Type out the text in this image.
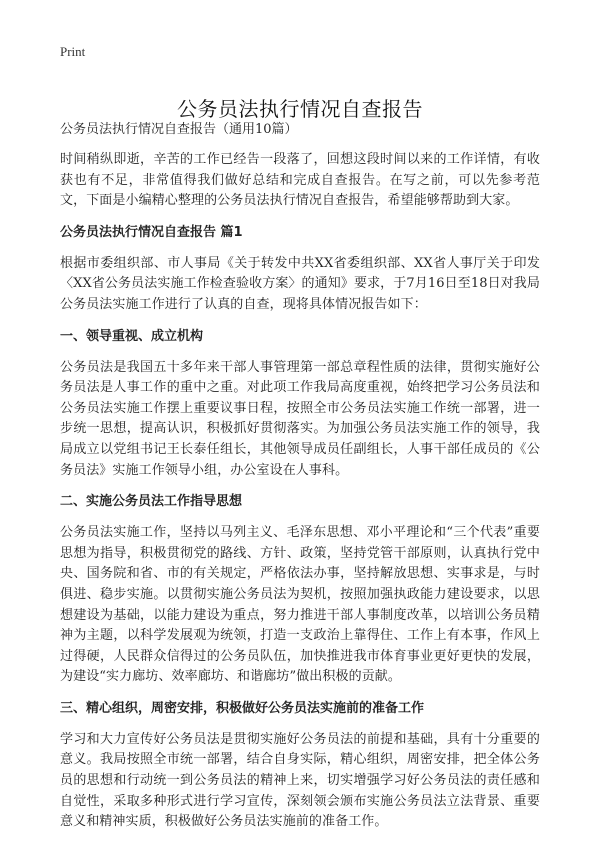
Print
公务员法执行情况自查报告

公务员法执行情况自查报告（通用10篇）

时间稍纵即逝，辛苦的工作已经告一段落了，回想这段时间以来的工作详情，有收获也有不足，非常值得我们做好总结和完成自查报告。在写之前，可以先参考范文，下面是小编精心整理的公务员法执行情况自查报告，希望能够帮助到大家。

公务员法执行情况自查报告 篇1

根据市委组织部、市人事局《关于转发中共XX省委组织部、XX省人事厅关于印发〈XX省公务员法实施工作检查验收方案〉的通知》要求，于7月16日至18日对我局公务员法实施工作进行了认真的自查，现将具体情况报告如下：

一、领导重视、成立机构

公务员法是我国五十多年来干部人事管理第一部总章程性质的法律，贯彻实施好公务员法是人事工作的重中之重。对此项工作我局高度重视，始终把学习公务员法和公务员法实施工作摆上重要议事日程，按照全市公务员法实施工作统一部署，进一步统一思想，提高认识，积极抓好贯彻落实。为加强公务员法实施工作的领导，我局成立以党组书记王长泰任组长，其他领导成员任副组长，人事干部任成员的《公务员法》实施工作领导小组，办公室设在人事科。

二、实施公务员法工作指导思想

公务员法实施工作，坚持以马列主义、毛泽东思想、邓小平理论和“三个代表”重要思想为指导，积极贯彻党的路线、方针、政策，坚持党管干部原则，认真执行党中央、国务院和省、市的有关规定，严格依法办事，坚持解放思想、实事求是，与时俱进、稳步实施。以贯彻实施公务员法为契机，按照加强执政能力建设要求，以思想建设为基础，以能力建设为重点，努力推进干部人事制度改革，以培训公务员精神为主题，以科学发展观为统领，打造一支政治上靠得住、工作上有本事，作风上过得硬，人民群众信得过的公务员队伍，加快推进我市体育事业更好更快的发展，为建设“实力廊坊、效率廊坊、和谐廊坊”做出积极的贡献。

三、精心组织，周密安排，积极做好公务员法实施前的准备工作

学习和大力宣传好公务员法是贯彻实施好公务员法的前提和基础，具有十分重要的意义。我局按照全市统一部署，结合自身实际，精心组织，周密安排，把全体公务员的思想和行动统一到公务员法的精神上来，切实增强学习好公务员法的责任感和自觉性，采取多种形式进行学习宣传，深刻领会颁布实施公务员法立法背景、重要意义和精神实质，积极做好公务员法实施前的准备工作。
